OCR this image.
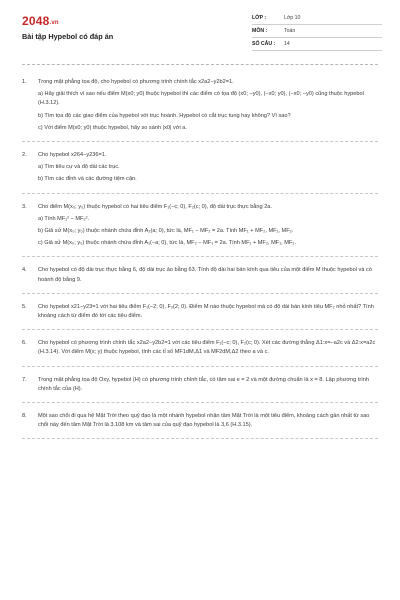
2048.vn
Bài tập Hypebol có đáp án
LỚP :	Lớp 10
MÔN :	Toán
SỐ CÂU :	14
1. Trong mặt phẳng tọa độ, cho hypebol có phương trình chính tắc x2a2−y2b2=1.
a) Hãy giải thích vì sao nếu điểm M(x0; y0) thuộc hypebol thì các điểm có tọa độ (x0; −y0), (−x0; y0), (−x0; −y0) cũng thuộc hypebol (H.3.12).
b) Tìm tọa độ các giao điểm của hypebol với trục hoành. Hypebol có cắt trục tung hay không? Vì sao?
c) Với điểm M(x0; y0) thuộc hypebol, hãy so sánh |x0| với a.
2. Cho hypebol x264−y236=1.
a) Tìm tiêu cự và độ dài các trục.
b) Tìm các đỉnh và các đường tiệm cận.
3. Cho điểm M(x₀; y₀) thuộc hypebol có hai tiêu điểm F₁(−c; 0), F₂(c; 0), độ dài trục thực bằng 2a.
a) Tính MF₁² − MF₂².
b) Giả sử M(x₀; y₀) thuộc nhánh chứa đỉnh A₂(a; 0), tức là, MF₁ − MF₂ = 2a. Tính MF₁ + MF₂, MF₁, MF₂.
c) Giả sử M(x₀; y₀) thuộc nhánh chứa đỉnh A₁(−a; 0), tức là, MF₂ − MF₁ = 2a. Tính MF₁ + MF₂, MF₁, MF₂.
4. Cho hypebol có độ dài trục thực bằng 6, độ dài trục ảo bằng 63. Tính độ dài hai bán kính qua tiêu của một điểm M thuộc hypebol và có hoành độ bằng 9.
5. Cho hypebol x21−y23=1 với hai tiêu điểm F₁(−2; 0), F₂(2; 0). Điểm M nào thuộc hypebol mà có độ dài bán kính tiêu MF₂ nhỏ nhất? Tính khoảng cách từ điểm đó tới các tiêu điểm.
6. Cho hypebol có phương trình chính tắc x2a2−y2b2=1 với các tiêu điểm F₁(−c; 0), F₂(c; 0). Xét các đường thẳng Δ1:x=−a2c và Δ2:x=a2c (H.3.14). Với điểm M(x; y) thuộc hypebol, tính các tỉ số MF1dM,Δ1 và MF2dM,Δ2 theo a và c.
7. Trong mặt phẳng tọa độ Oxy, hypebol (H) có phương trình chính tắc, có tâm sai e = 2 và một đường chuẩn là x = 8. Lập phương trình chính tắc của (H).
8. Một sao chổi đi qua hệ Mặt Trời theo quỹ đạo là một nhánh hypebol nhận tâm Mặt Trời là một tiêu điểm, khoảng cách gần nhất từ sao chổi này đến tâm Mặt Trời là 3.108 km và tâm sai của quỹ đạo hypebol là 3,6 (H.3.15).
